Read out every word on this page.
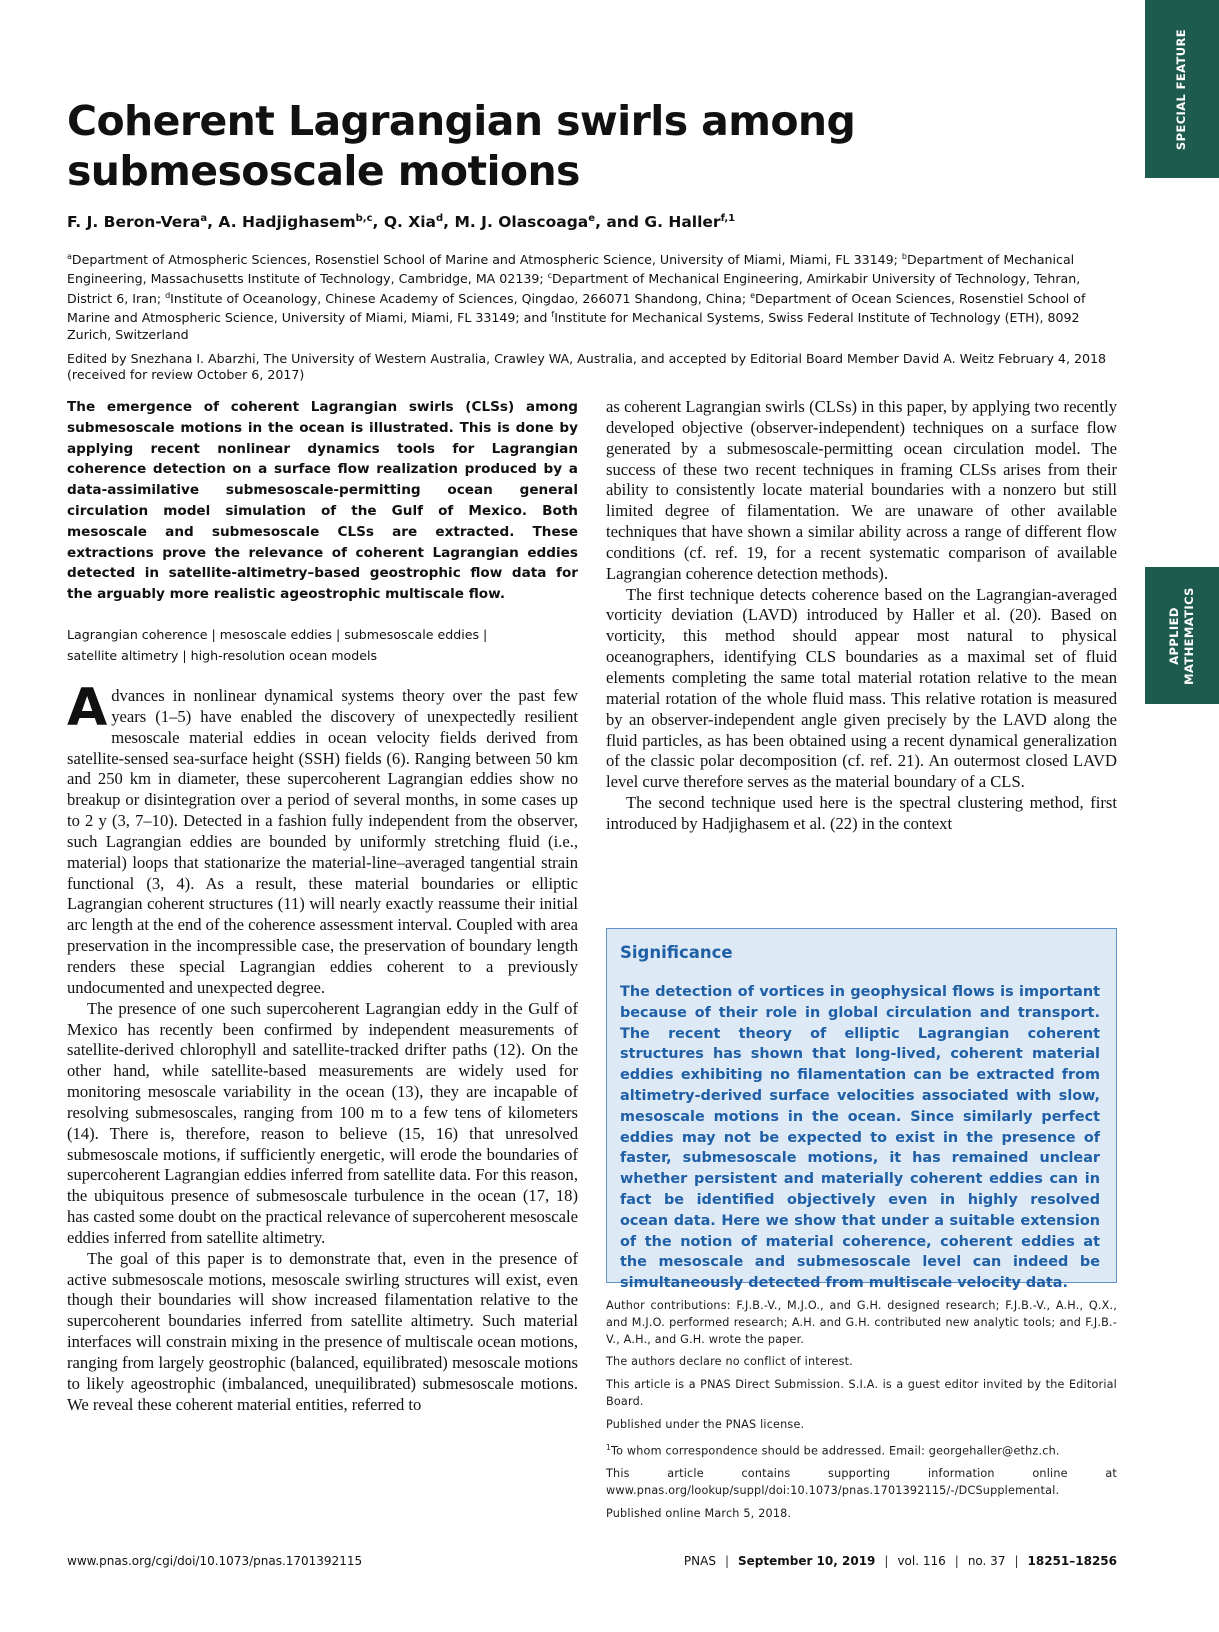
SPECIAL FEATURE
APPLIED MATHEMATICS
Coherent Lagrangian swirls among submesoscale motions
F. J. Beron-Vera$^a$, A. Hadjighasem$^{b,c}$, Q. Xia$^d$, M. J. Olascoaga$^e$, and G. Haller$^{f,1}$
$^a$Department of Atmospheric Sciences, Rosenstiel School of Marine and Atmospheric Science, University of Miami, Miami, FL 33149; $^b$Department of Mechanical Engineering, Massachusetts Institute of Technology, Cambridge, MA 02139; $^c$Department of Mechanical Engineering, Amirkabir University of Technology, Tehran, District 6, Iran; $^d$Institute of Oceanology, Chinese Academy of Sciences, Qingdao, 266071 Shandong, China; $^e$Department of Ocean Sciences, Rosenstiel School of Marine and Atmospheric Science, University of Miami, Miami, FL 33149; and $^f$Institute for Mechanical Systems, Swiss Federal Institute of Technology (ETH), 8092 Zurich, Switzerland
Edited by Snezhana I. Abarzhi, The University of Western Australia, Crawley WA, Australia, and accepted by Editorial Board Member David A. Weitz February 4, 2018 (received for review October 6, 2017)

The emergence of coherent Lagrangian swirls (CLSs) among submesoscale motions in the ocean is illustrated. This is done by applying recent nonlinear dynamics tools for Lagrangian coherence detection on a surface flow realization produced by a data-assimilative submesoscale-permitting ocean general circulation model simulation of the Gulf of Mexico. Both mesoscale and submesoscale CLSs are extracted. These extractions prove the relevance of coherent Lagrangian eddies detected in satellite-altimetry–based geostrophic flow data for the arguably more realistic ageostrophic multiscale flow.

Lagrangian coherence | mesoscale eddies | submesoscale eddies |
satellite altimetry | high-resolution ocean models

Advances in nonlinear dynamical systems theory over the past few years (1–5) have enabled the discovery of unexpectedly resilient mesoscale material eddies in ocean velocity fields derived from satellite-sensed sea-surface height (SSH) fields (6). Ranging between 50 km and 250 km in diameter, these supercoherent Lagrangian eddies show no breakup or disintegration over a period of several months, in some cases up to 2 y (3, 7–10). Detected in a fashion fully independent from the observer, such Lagrangian eddies are bounded by uniformly stretching fluid (i.e., material) loops that stationarize the material-line–averaged tangential strain functional (3, 4). As a result, these material boundaries or elliptic Lagrangian coherent structures (11) will nearly exactly reassume their initial arc length at the end of the coherence assessment interval. Coupled with area preservation in the incompressible case, the preservation of boundary length renders these special Lagrangian eddies coherent to a previously undocumented and unexpected degree.

The presence of one such supercoherent Lagrangian eddy in the Gulf of Mexico has recently been confirmed by independent measurements of satellite-derived chlorophyll and satellite-tracked drifter paths (12). On the other hand, while satellite-based measurements are widely used for monitoring mesoscale variability in the ocean (13), they are incapable of resolving submesoscales, ranging from 100 m to a few tens of kilometers (14). There is, therefore, reason to believe (15, 16) that unresolved submesoscale motions, if sufficiently energetic, will erode the boundaries of supercoherent Lagrangian eddies inferred from satellite data. For this reason, the ubiquitous presence of submesoscale turbulence in the ocean (17, 18) has casted some doubt on the practical relevance of supercoherent mesoscale eddies inferred from satellite altimetry.

The goal of this paper is to demonstrate that, even in the presence of active submesoscale motions, mesoscale swirling structures will exist, even though their boundaries will show increased filamentation relative to the supercoherent boundaries inferred from satellite altimetry. Such material interfaces will constrain mixing in the presence of multiscale ocean motions, ranging from largely geostrophic (balanced, equilibrated) mesoscale motions to likely ageostrophic (imbalanced, unequilibrated) submesoscale motions. We reveal these coherent material entities, referred to

as coherent Lagrangian swirls (CLSs) in this paper, by applying two recently developed objective (observer-independent) techniques on a surface flow generated by a submesoscale-permitting ocean circulation model. The success of these two recent techniques in framing CLSs arises from their ability to consistently locate material boundaries with a nonzero but still limited degree of filamentation. We are unaware of other available techniques that have shown a similar ability across a range of different flow conditions (cf. ref. 19, for a recent systematic comparison of available Lagrangian coherence detection methods).

The first technique detects coherence based on the Lagrangian-averaged vorticity deviation (LAVD) introduced by Haller et al. (20). Based on vorticity, this method should appear most natural to physical oceanographers, identifying CLS boundaries as a maximal set of fluid elements completing the same total material rotation relative to the mean material rotation of the whole fluid mass. This relative rotation is measured by an observer-independent angle given precisely by the LAVD along the fluid particles, as has been obtained using a recent dynamical generalization of the classic polar decomposition (cf. ref. 21). An outermost closed LAVD level curve therefore serves as the material boundary of a CLS.

The second technique used here is the spectral clustering method, first introduced by Hadjighasem et al. (22) in the context

Significance

The detection of vortices in geophysical flows is important because of their role in global circulation and transport. The recent theory of elliptic Lagrangian coherent structures has shown that long-lived, coherent material eddies exhibiting no filamentation can be extracted from altimetry-derived surface velocities associated with slow, mesoscale motions in the ocean. Since similarly perfect eddies may not be expected to exist in the presence of faster, submesoscale motions, it has remained unclear whether persistent and materially coherent eddies can in fact be identified objectively even in highly resolved ocean data. Here we show that under a suitable extension of the notion of material coherence, coherent eddies at the mesoscale and submesoscale level can indeed be simultaneously detected from multiscale velocity data.

Author contributions: F.J.B.-V., M.J.O., and G.H. designed research; F.J.B.-V., A.H., Q.X., and M.J.O. performed research; A.H. and G.H. contributed new analytic tools; and F.J.B.-V., A.H., and G.H. wrote the paper.

The authors declare no conflict of interest.

This article is a PNAS Direct Submission. S.I.A. is a guest editor invited by the Editorial Board.

Published under the PNAS license.

$^1$To whom correspondence should be addressed. Email: georgehaller@ethz.ch.

This article contains supporting information online at www.pnas.org/lookup/suppl/doi:10.1073/pnas.1701392115/-/DCSupplemental.

Published online March 5, 2018.

www.pnas.org/cgi/doi/10.1073/pnas.1701392115	PNAS | September 10, 2019 | vol. 116 | no. 37 | 18251–18256
